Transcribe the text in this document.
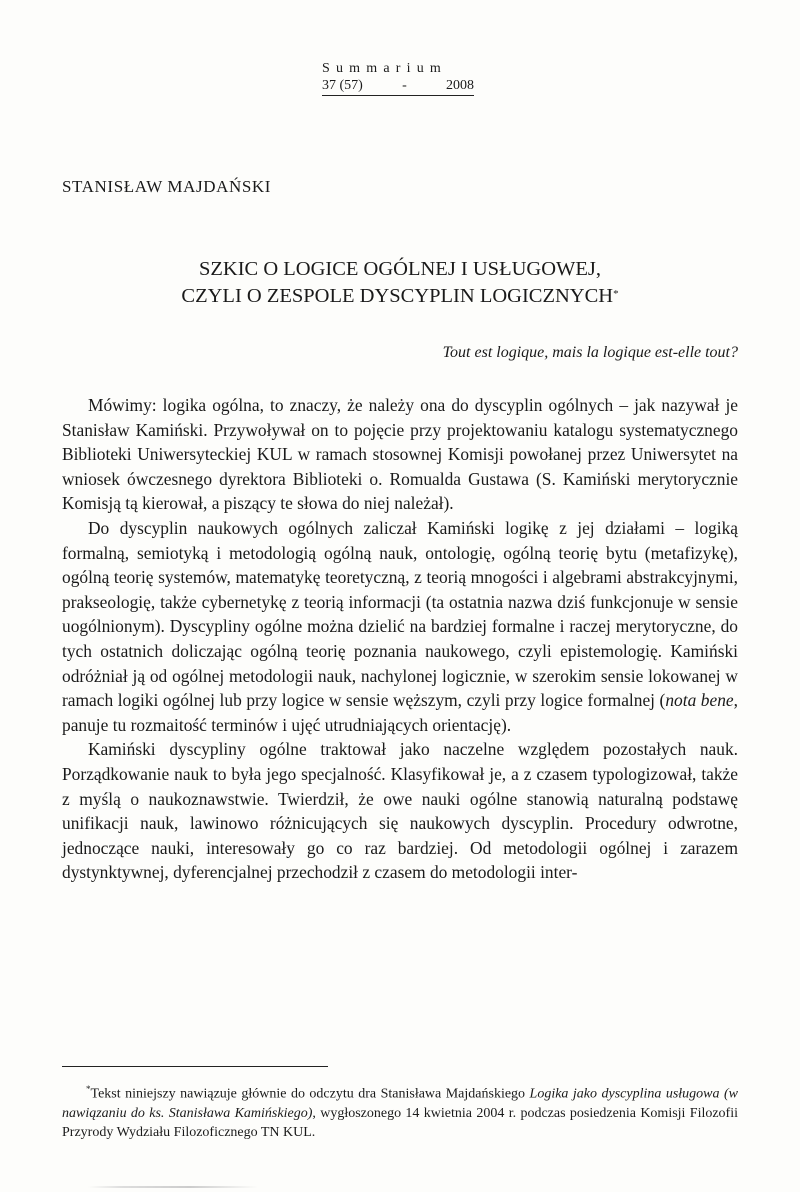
Summarium
37 (57)	-	2008
STANISŁAW MAJDAŃSKI
SZKIC O LOGICE OGÓLNEJ I USŁUGOWEJ,
CZYLI O ZESPOLE DYSCYPLIN LOGICZNYCH*
Tout est logique, mais la logique est-elle tout?

Mówimy: logika ogólna, to znaczy, że należy ona do dyscyplin ogólnych – jak nazywał je Stanisław Kamiński. Przywoływał on to pojęcie przy projektowaniu katalogu systematycznego Biblioteki Uniwersyteckiej KUL w ramach stosownej Komisji powołanej przez Uniwersytet na wniosek ówczesnego dyrektora Biblioteki o. Romualda Gustawa (S. Kamiński merytorycznie Komisją tą kierował, a piszący te słowa do niej należał).

Do dyscyplin naukowych ogólnych zaliczał Kamiński logikę z jej działami – logiką formalną, semiotyką i metodologią ogólną nauk, ontologię, ogólną teorię bytu (metafizykę), ogólną teorię systemów, matematykę teoretyczną, z teorią mnogości i algebrami abstrakcyjnymi, prakseologię, także cybernetykę z teorią informacji (ta ostatnia nazwa dziś funkcjonuje w sensie uogólnionym). Dyscypliny ogólne można dzielić na bardziej formalne i raczej merytoryczne, do tych ostatnich doliczając ogólną teorię poznania naukowego, czyli epistemologię. Kamiński odróżniał ją od ogólnej metodologii nauk, nachylonej logicznie, w szerokim sensie lokowanej w ramach logiki ogólnej lub przy logice w sensie węższym, czyli przy logice formalnej (nota bene, panuje tu rozmaitość terminów i ujęć utrudniających orientację).

Kamiński dyscypliny ogólne traktował jako naczelne względem pozostałych nauk. Porządkowanie nauk to była jego specjalność. Klasyfikował je, a z czasem typologizował, także z myślą o naukoznawstwie. Twierdził, że owe nauki ogólne stanowią naturalną podstawę unifikacji nauk, lawinowo różnicujących się naukowych dyscyplin. Procedury odwrotne, jednoczące nauki, interesowały go co raz bardziej. Od metodologii ogólnej i zarazem dystynktywnej, dyferencjalnej przechodził z czasem do metodologii inter-

*Tekst niniejszy nawiązuje głównie do odczytu dra Stanisława Majdańskiego Logika jako dyscyplina usługowa (w nawiązaniu do ks. Stanisława Kamińskiego), wygłoszonego 14 kwietnia 2004 r. podczas posiedzenia Komisji Filozofii Przyrody Wydziału Filozoficznego TN KUL.
